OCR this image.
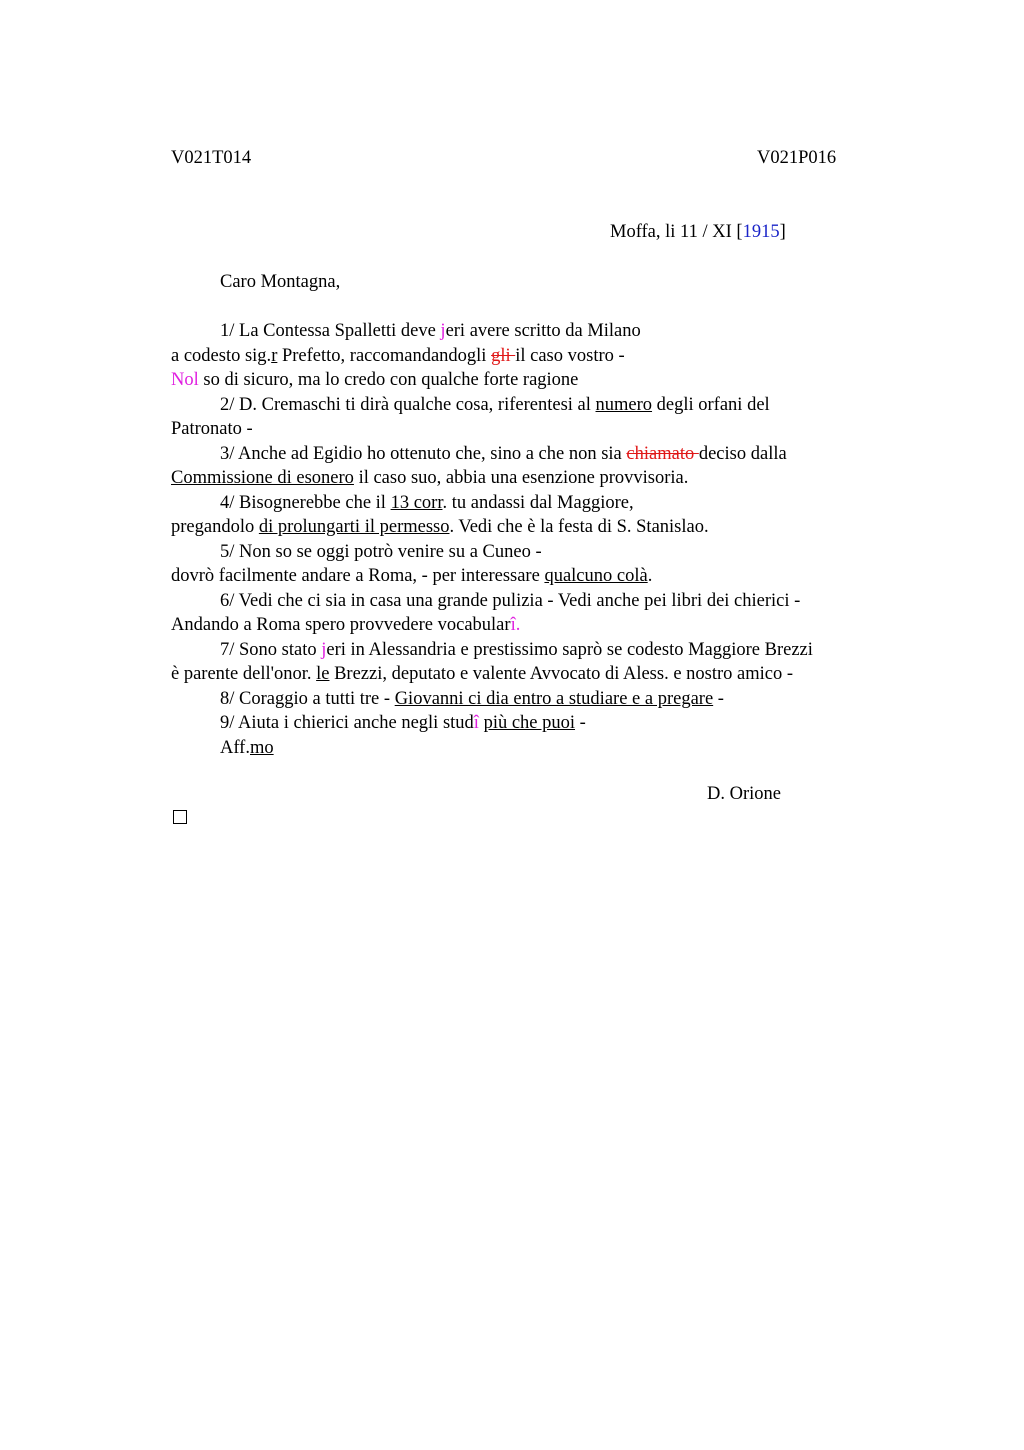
V021T014	V021P016
Moffa, li 11 / XI [1915]
Caro Montagna,
1/ La Contessa Spalletti deve jeri avere scritto da Milano
a codesto sig.r Prefetto, raccomandandogli gli il caso vostro -
Nol so di sicuro, ma lo credo con qualche forte ragione
2/ D. Cremaschi ti dirà qualche cosa, riferentesi al numero degli orfani del
Patronato -
3/ Anche ad Egidio ho ottenuto che, sino a che non sia chiamato deciso dalla
Commissione di esonero il caso suo, abbia una esenzione provvisoria.
4/ Bisognerebbe che il 13 corr. tu andassi dal Maggiore,
pregandolo di prolungarti il permesso. Vedi che è la festa di S. Stanislao.
5/ Non so se oggi potrò venire su a Cuneo -
dovrò facilmente andare a Roma, - per interessare qualcuno colà.
6/ Vedi che ci sia in casa una grande pulizia - Vedi anche pei libri dei chierici -
Andando a Roma spero provvedere vocabularî.
7/ Sono stato jeri in Alessandria e prestissimo saprò se codesto Maggiore Brezzi
è parente dell'onor. le Brezzi, deputato e valente Avvocato di Aless. e nostro amico -
8/ Coraggio a tutti tre - Giovanni ci dia entro a studiare e a pregare -
9/ Aiuta i chierici anche negli studî più che puoi -
Aff.mo
D. Orione
